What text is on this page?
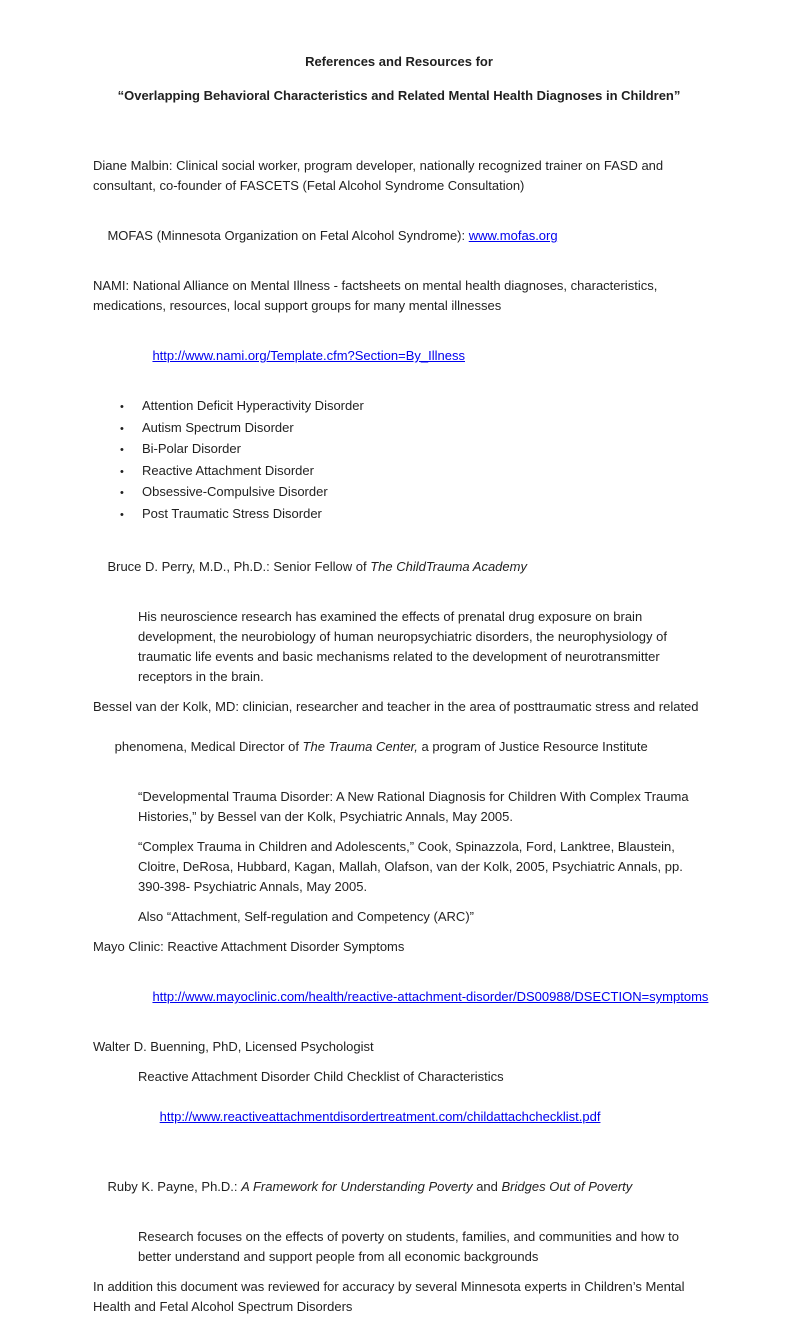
References and Resources for
“Overlapping Behavioral Characteristics and Related Mental Health Diagnoses in Children”
Diane Malbin: Clinical social worker, program developer, nationally recognized trainer on FASD and
consultant, co-founder of FASCETS (Fetal Alcohol Syndrome Consultation)

MOFAS (Minnesota Organization on Fetal Alcohol Syndrome): www.mofas.org

NAMI: National Alliance on Mental Illness - factsheets on mental health diagnoses, characteristics,
medications, resources, local support groups for many mental illnesses

http://www.nami.org/Template.cfm?Section=By_Illness

• Attention Deficit Hyperactivity Disorder
• Autism Spectrum Disorder
• Bi-Polar Disorder
• Reactive Attachment Disorder
• Obsessive-Compulsive Disorder
• Post Traumatic Stress Disorder

Bruce D. Perry, M.D., Ph.D.: Senior Fellow of The ChildTrauma Academy

His neuroscience research has examined the effects of prenatal drug exposure on brain
development, the neurobiology of human neuropsychiatric disorders, the neurophysiology of
traumatic life events and basic mechanisms related to the development of neurotransmitter
receptors in the brain.
Bessel van der Kolk, MD: clinician, researcher and teacher in the area of posttraumatic stress and related

phenomena, Medical Director of The Trauma Center, a program of Justice Resource Institute

“Developmental Trauma Disorder: A New Rational Diagnosis for Children With Complex Trauma
Histories,” by Bessel van der Kolk, Psychiatric Annals, May 2005.
“Complex Trauma in Children and Adolescents,” Cook, Spinazzola, Ford, Lanktree, Blaustein,
Cloitre, DeRosa, Hubbard, Kagan, Mallah, Olafson, van der Kolk, 2005, Psychiatric Annals, pp.
390-398- Psychiatric Annals, May 2005.
Also “Attachment, Self-regulation and Competency (ARC)”
Mayo Clinic: Reactive Attachment Disorder Symptoms

http://www.mayoclinic.com/health/reactive-attachment-disorder/DS00988/DSECTION=symptoms

Walter D. Buenning, PhD, Licensed Psychologist
Reactive Attachment Disorder Child Checklist of Characteristics

http://www.reactiveattachmentdisordertreatment.com/childattachchecklist.pdf

Ruby K. Payne, Ph.D.: A Framework for Understanding Poverty and Bridges Out of Poverty

Research focuses on the effects of poverty on students, families, and communities and how to
better understand and support people from all economic backgrounds
In addition this document was reviewed for accuracy by several Minnesota experts in Children’s Mental
Health and Fetal Alcohol Spectrum Disorders
